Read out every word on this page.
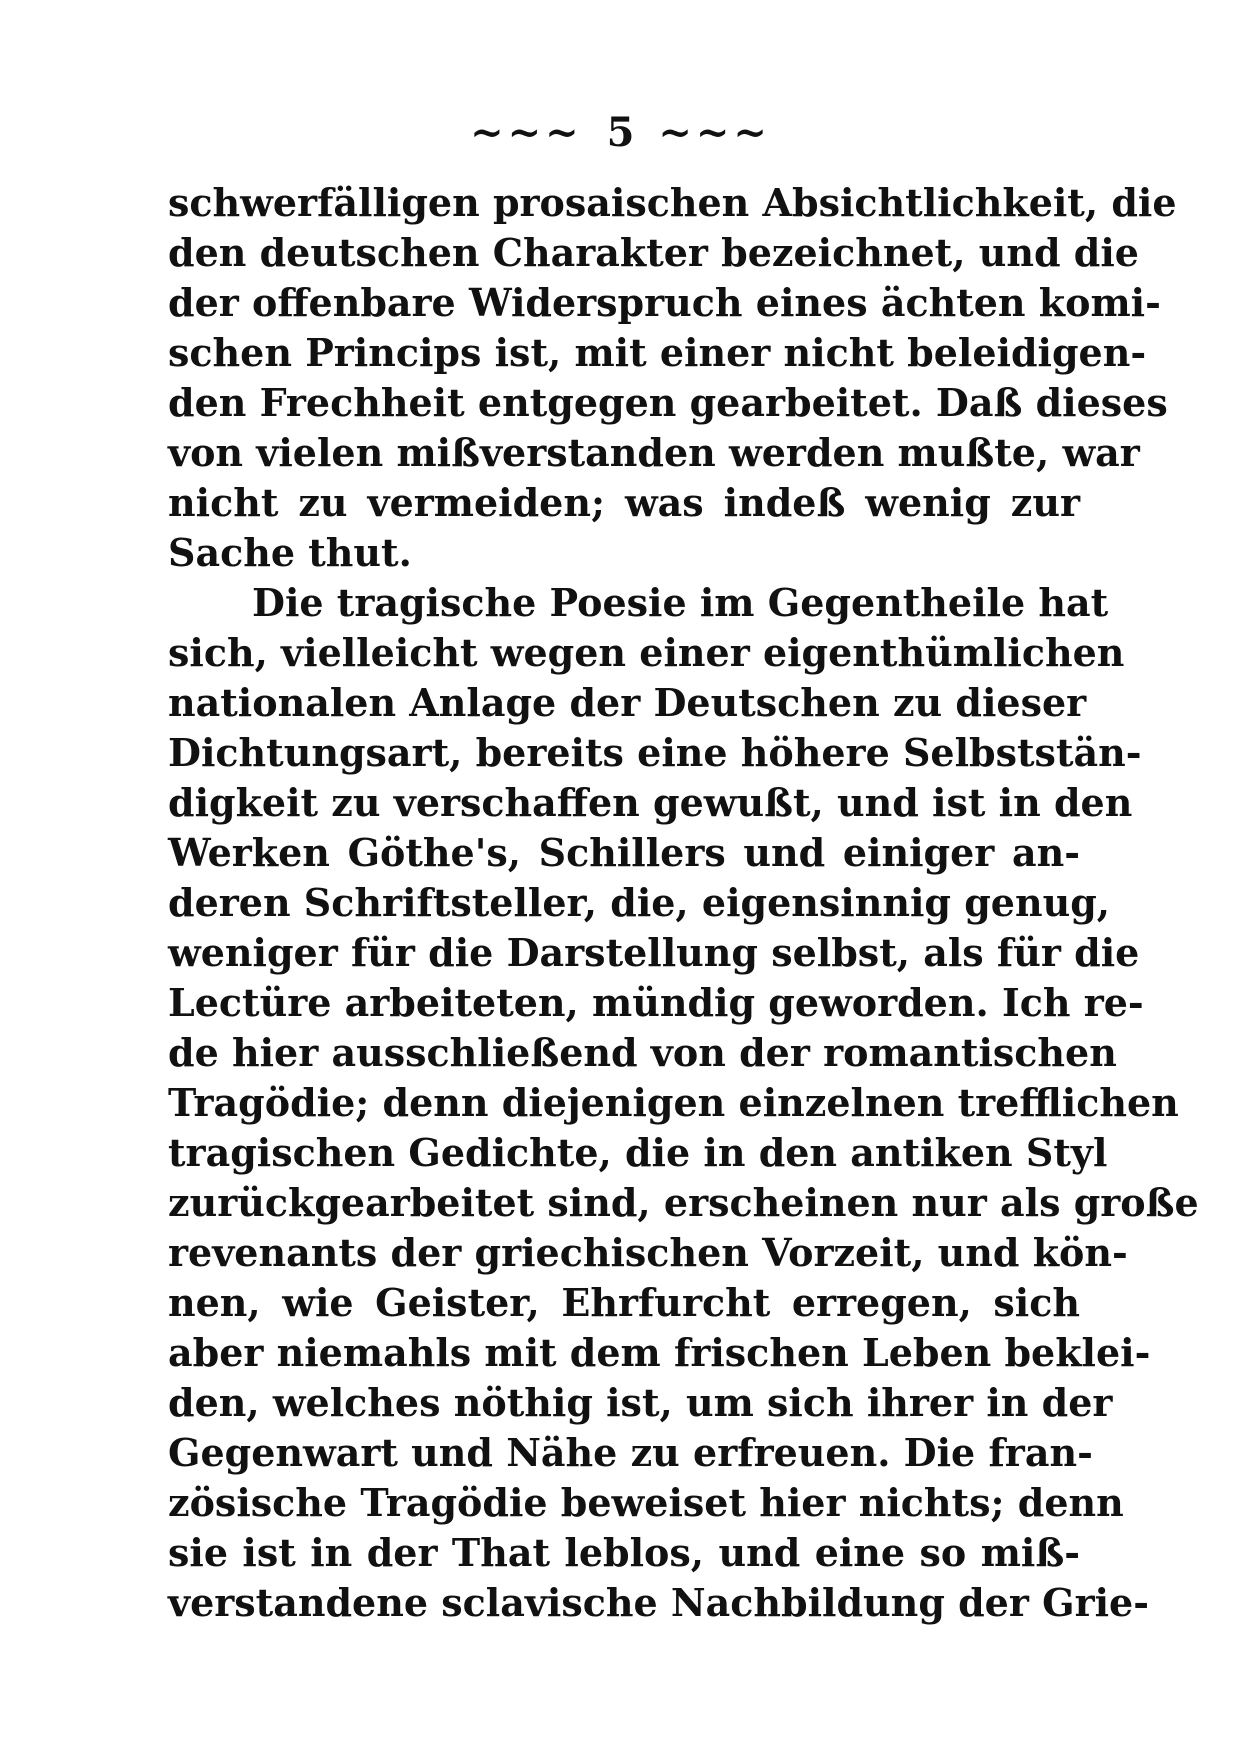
~~~ 5 ~~~
schwerfälligen prosaischen Absichtlichkeit, die
den deutschen Charakter bezeichnet, und die
der offenbare Widerspruch eines ächten komi-
schen Princips ist, mit einer nicht beleidigen-
den Frechheit entgegen gearbeitet. Daß dieses
von vielen mißverstanden werden mußte, war
nicht zu vermeiden; was indeß wenig zur
Sache thut.
Die tragische Poesie im Gegentheile hat
sich, vielleicht wegen einer eigenthümlichen
nationalen Anlage der Deutschen zu dieser
Dichtungsart, bereits eine höhere Selbststän-
digkeit zu verschaffen gewußt, und ist in den
Werken Göthe's, Schillers und einiger an-
deren Schriftsteller, die, eigensinnig genug,
weniger für die Darstellung selbst, als für die
Lectüre arbeiteten, mündig geworden. Ich re-
de hier ausschließend von der romantischen
Tragödie; denn diejenigen einzelnen trefflichen
tragischen Gedichte, die in den antiken Styl
zurückgearbeitet sind, erscheinen nur als große
revenants der griechischen Vorzeit, und kön-
nen, wie Geister, Ehrfurcht erregen, sich
aber niemahls mit dem frischen Leben beklei-
den, welches nöthig ist, um sich ihrer in der
Gegenwart und Nähe zu erfreuen. Die fran-
zösische Tragödie beweiset hier nichts; denn
sie ist in der That leblos, und eine so miß-
verstandene sclavische Nachbildung der Grie-
